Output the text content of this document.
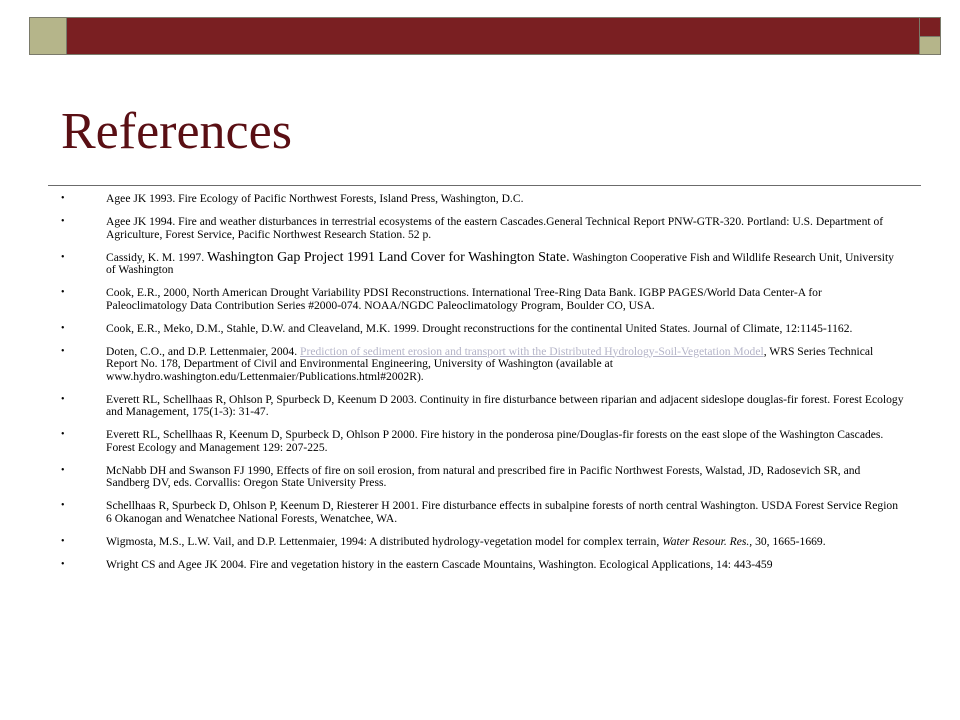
References
•	Agee JK 1993. Fire Ecology of Pacific Northwest Forests, Island Press, Washington, D.C.
•	Agee JK 1994. Fire and weather disturbances in terrestrial ecosystems of the eastern Cascades.General Technical Report PNW-GTR-320. Portland: U.S. Department of Agriculture, Forest Service, Pacific Northwest Research Station. 52 p.
•	Cassidy, K. M. 1997. Washington Gap Project 1991 Land Cover for Washington State. Washington Cooperative Fish and Wildlife Research Unit, University of Washington
•	Cook, E.R., 2000, North American Drought Variability PDSI Reconstructions. International Tree-Ring Data Bank. IGBP PAGES/World Data Center-A for Paleoclimatology Data Contribution Series #2000-074. NOAA/NGDC Paleoclimatology Program, Boulder CO, USA.
•	Cook, E.R., Meko, D.M., Stahle, D.W. and Cleaveland, M.K. 1999. Drought reconstructions for the continental United States. Journal of Climate, 12:1145-1162.
•	Doten, C.O., and D.P. Lettenmaier, 2004. Prediction of sediment erosion and transport with the Distributed Hydrology-Soil-Vegetation Model, WRS Series Technical Report No. 178, Department of Civil and Environmental Engineering, University of Washington (available at www.hydro.washington.edu/Lettenmaier/Publications.html#2002R).
•	Everett RL, Schellhaas R, Ohlson P, Spurbeck D, Keenum D 2003. Continuity in fire disturbance between riparian and adjacent sideslope douglas-fir forest. Forest Ecology and Management, 175(1-3): 31-47.
•	Everett RL, Schellhaas R, Keenum D, Spurbeck D, Ohlson P 2000. Fire history in the ponderosa pine/Douglas-fir forests on the east slope of the Washington Cascades. Forest Ecology and Management 129: 207-225.
•	McNabb DH and Swanson FJ 1990, Effects of fire on soil erosion, from natural and prescribed fire in Pacific Northwest Forests, Walstad, JD, Radosevich SR, and Sandberg DV, eds. Corvallis: Oregon State University Press.
•	Schellhaas R, Spurbeck D, Ohlson P, Keenum D, Riesterer H 2001. Fire disturbance effects in subalpine forests of north central Washington. USDA Forest Service Region 6 Okanogan and Wenatchee National Forests, Wenatchee, WA.
•	Wigmosta, M.S., L.W. Vail, and D.P. Lettenmaier, 1994: A distributed hydrology-vegetation model for complex terrain, Water Resour. Res., 30, 1665-1669.
•	Wright CS and Agee JK 2004. Fire and vegetation history in the eastern Cascade Mountains, Washington. Ecological Applications, 14: 443-459
